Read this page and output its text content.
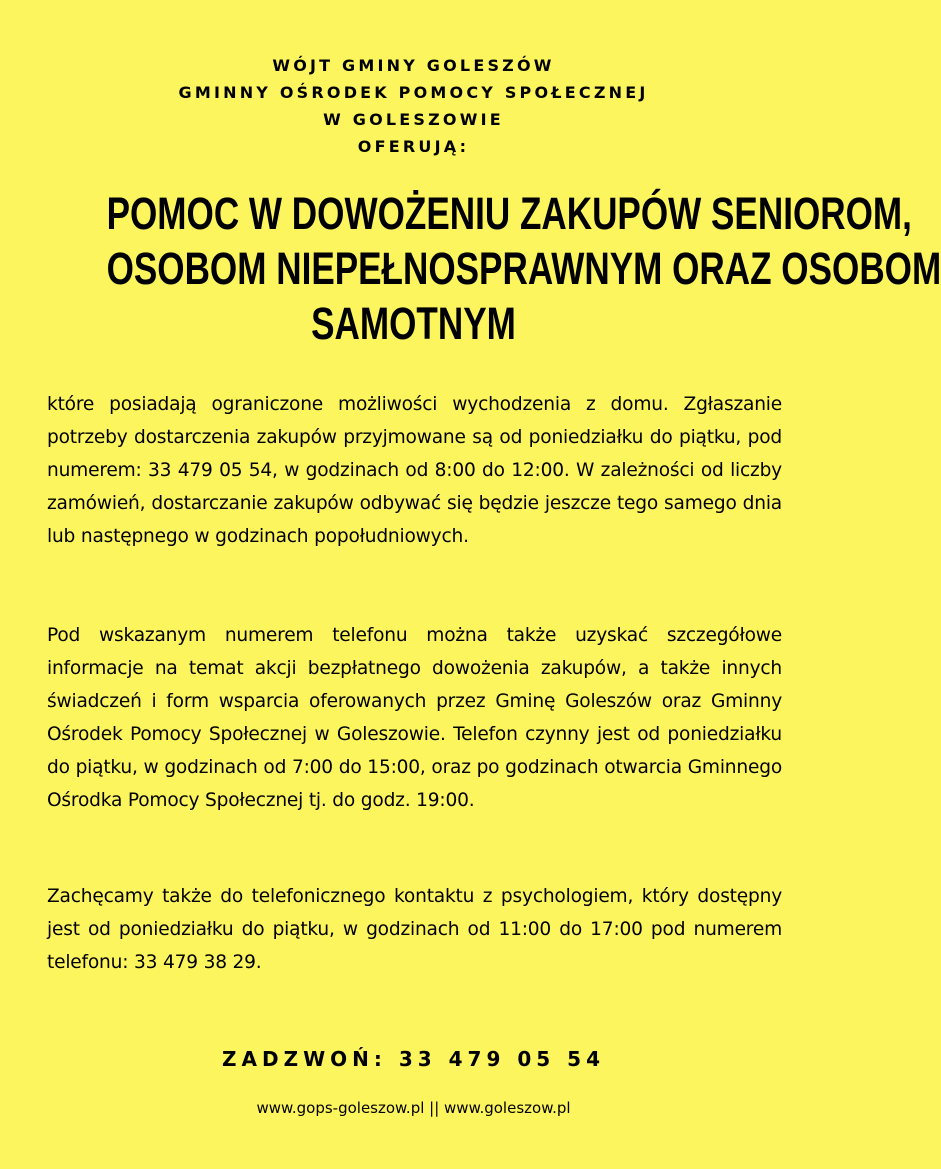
WÓJT GMINY GOLESZÓW
GMINNY OŚRODEK POMOCY SPOŁECZNEJ
W GOLESZOWIE
OFERUJĄ:
POMOC W DOWOŻENIU ZAKUPÓW SENIOROM,
OSOBOM NIEPEŁNOSPRAWNYM ORAZ OSOBOM
SAMOTNYM
które posiadają ograniczone możliwości wychodzenia z domu. Zgłaszanie potrzeby dostarczenia zakupów przyjmowane są od poniedziałku do piątku, pod numerem: 33 479 05 54, w godzinach od 8:00 do 12:00. W zależności od liczby zamówień, dostarczanie zakupów odbywać się będzie jeszcze tego samego dnia lub następnego w godzinach popołudniowych.
Pod wskazanym numerem telefonu można także uzyskać szczegółowe informacje na temat akcji bezpłatnego dowożenia zakupów, a także innych świadczeń i form wsparcia oferowanych przez Gminę Goleszów oraz Gminny Ośrodek Pomocy Społecznej w Goleszowie. Telefon czynny jest od poniedziałku do piątku, w godzinach od 7:00 do 15:00, oraz po godzinach otwarcia Gminnego Ośrodka Pomocy Społecznej tj. do godz. 19:00.
Zachęcamy także do telefonicznego kontaktu z psychologiem, który dostępny jest od poniedziałku do piątku, w godzinach od 11:00 do 17:00 pod numerem telefonu: 33 479 38 29.
ZADZWOŃ: 33 479 05 54
www.gops-goleszow.pl || www.goleszow.pl
